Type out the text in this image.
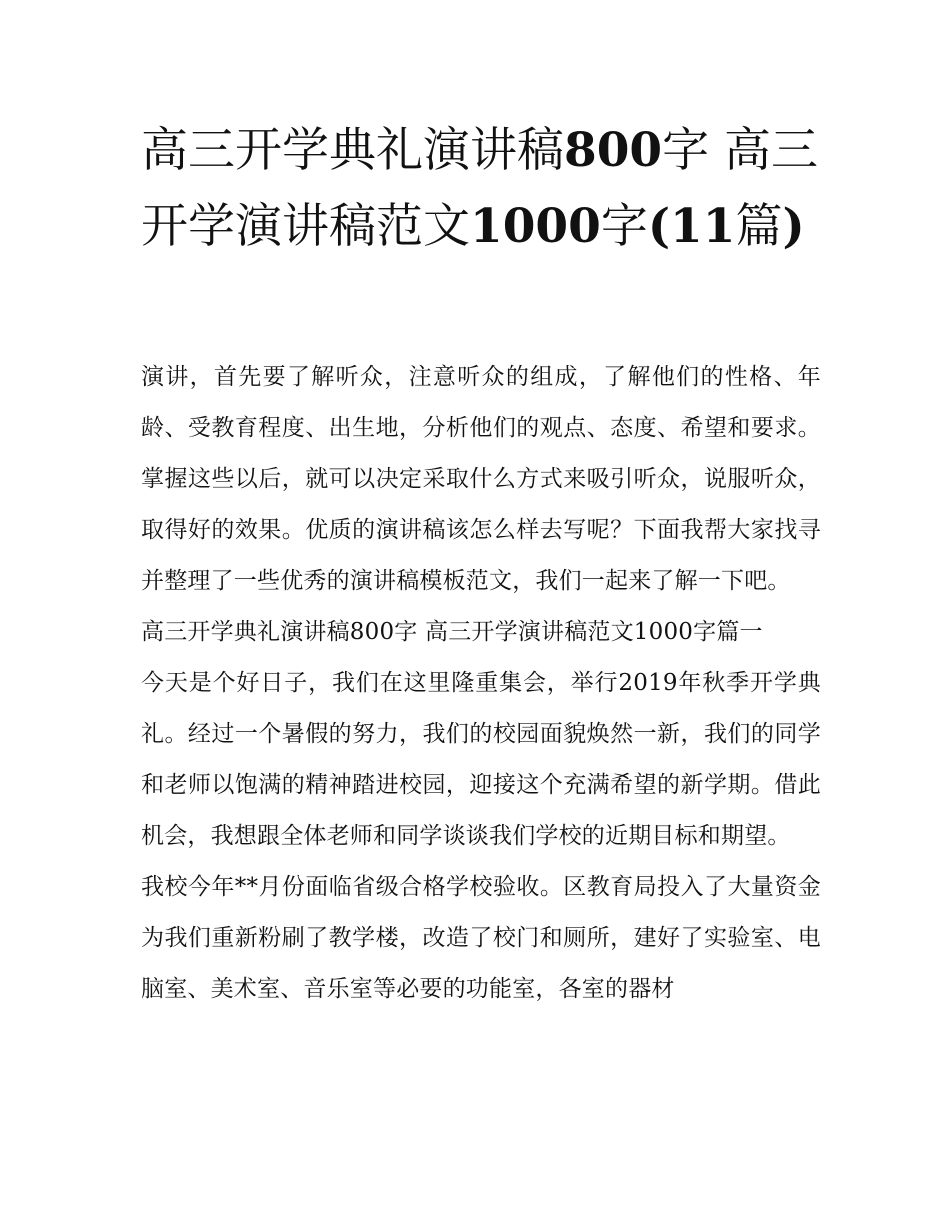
高三开学典礼演讲稿800字 高三开学演讲稿范文1000字(11篇)

演讲，首先要了解听众，注意听众的组成，了解他们的性格、年龄、受教育程度、出生地，分析他们的观点、态度、希望和要求。掌握这些以后，就可以决定采取什么方式来吸引听众，说服听众，取得好的效果。优质的演讲稿该怎么样去写呢？下面我帮大家找寻并整理了一些优秀的演讲稿模板范文，我们一起来了解一下吧。

高三开学典礼演讲稿800字 高三开学演讲稿范文1000字篇一

今天是个好日子，我们在这里隆重集会，举行2019年秋季开学典礼。经过一个暑假的努力，我们的校园面貌焕然一新，我们的同学和老师以饱满的精神踏进校园，迎接这个充满希望的新学期。借此机会，我想跟全体老师和同学谈谈我们学校的近期目标和期望。

我校今年**月份面临省级合格学校验收。区教育局投入了大量资金为我们重新粉刷了教学楼，改造了校门和厕所，建好了实验室、电脑室、美术室、音乐室等必要的功能室，各室的器材
